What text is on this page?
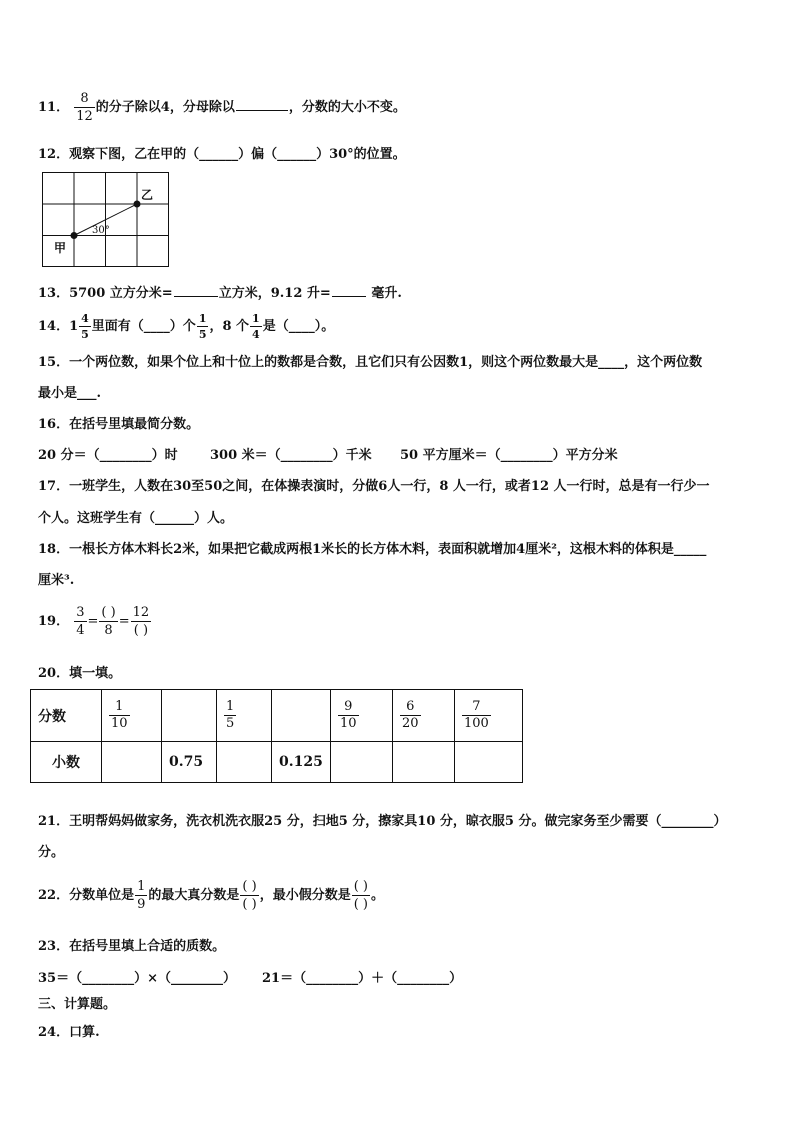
11． $\frac{8}{12}$ 的分子除以4，分母除以	，分数的大小不变。
12．观察下图，乙在甲的（______）偏（______）30°的位置。
甲
乙
30°
13．5700 立方分米=	立方米，9.12 升=	毫升.
14．$1 \frac{4}{5}$ 里面有（____）个 $\frac{1}{5}$ ，8 个 $\frac{1}{4}$ 是（____）。
15．一个两位数，如果个位上和十位上的数都是合数，且它们只有公因数1，则这个两位数最大是____，这个两位数
最小是___.
16．在括号里填最简分数。
20 分＝（________）时 300 米＝（________）千米 50 平方厘米＝（________）平方分米
17．一班学生，人数在30至50之间，在体操表演时，分做6人一行，8 人一行，或者12 人一行时，总是有一行少一
个人。这班学生有（______）人。
18．一根长方体木料长2米，如果把它截成两根1米长的长方体木料，表面积就增加4厘米²，这根木料的体积是_____
厘米³.
19． $\frac{3}{4} = \frac{( )}{8} = \frac{12}{( )}$
20．填一填。
分数	$\frac{1}{10}$		$\frac{1}{5}$		$\frac{9}{10}$	$\frac{6}{20}$	$\frac{7}{100}$

小数		0.75		0.125			
21．王明帮妈妈做家务，洗衣机洗衣服25 分，扫地5 分，擦家具10 分，晾衣服5 分。做完家务至少需要（________）
分。
22．分数单位是 $\frac{1}{9}$ 的最大真分数是 $\frac{( )}{( )}$ ，最小假分数是 $\frac{( )}{( )}$ 。
23．在括号里填上合适的质数。
35＝（________）×（________） 21＝（________）＋（________）
三、计算题。
24．口算.
